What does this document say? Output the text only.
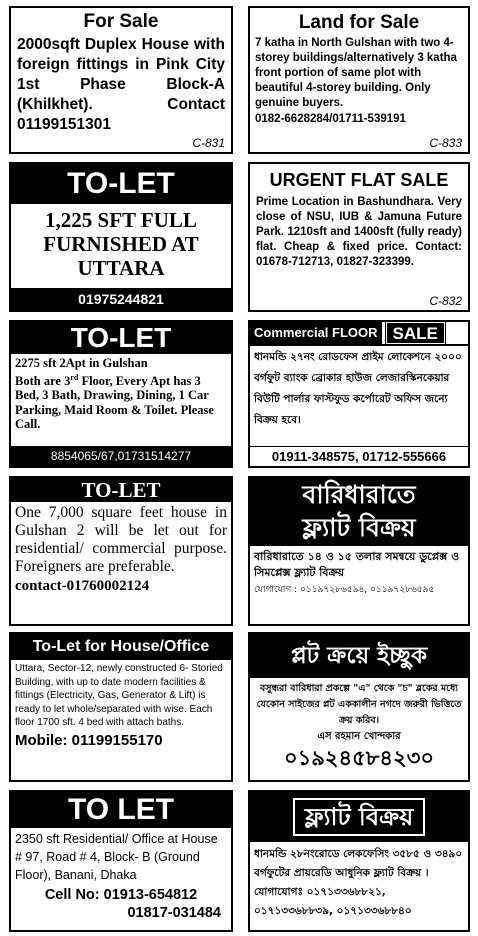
For Sale

2000sqft Duplex House with foreign fittings in Pink City 1st Phase Block-A (Khilkhet). Contact 01199151301

C-831
Land for Sale

7 katha in North Gulshan with two 4-storey buildings/alternatively 3 katha front portion of same plot with beautiful 4-storey building. Only genuine buyers.

0182-6628284/01711-539191
C-833
TO-LET

1,225 SFT FULL FURNISHED AT UTTARA

01975244821
URGENT FLAT SALE

Prime Location in Bashundhara. Very close of NSU, IUB & Jamuna Future Park. 1210sft and 1400sft (fully ready) flat. Cheap & fixed price. Contact: 01678-712713, 01827-323399.

C-832
TO-LET

2275 sft 2Apt in Gulshan
Both are 3rd Floor, Every Apt has 3 Bed, 3 Bath, Drawing, Dining, 1 Car Parking, Maid Room & Toilet. Please Call.

8854065/67,01731514277
Commercial FLOOR SALE

ধানমন্ডি ২৭নং রোডফেস প্রাইম লোকেশনে ২০০০ বর্গফুট ব্যাংক ব্রোকার হাউজ লেজারস্কিনকেয়ার বিউটি পার্লার ফাস্টফুড কর্পোরেট অফিস জন্যে বিক্রয় হবে।

01911-348575, 01712-555666
TO-LET

One 7,000 square feet house in Gulshan 2 will be let out for residential/ commercial purpose. Foreigners are preferable.

contact-01760002124
বারিধারাতে
ফ্ল্যাট বিক্রয়

বারিধারাতে ১৪ ও ১৫ তলার সমন্বয়ে ডুপ্লেক্স ও সিমপ্লেক্স ফ্ল্যাট বিক্রয়

যোগাযোগ : ০১১৯৭২৮৬৫৯৪, ০১১৯৭২৮৬৫৯৫
To-Let for House/Office

Uttara, Sector-12, newly constructed 6- Storied Building, with up to date modern facilities & fittings (Electricity, Gas, Generator & Lift) is ready to let whole/separated with wise. Each floor 1700 sft. 4 bed with attach baths.

Mobile: 01199155170
প্লট ক্রয়ে ইচ্ছুক

বসুন্ধরা বারিধারা প্রকল্পে "এ" থেকে "চ" ব্লকের মধ্যে যেকোন সাইজের প্লট এককালীন নগদে জরুরী ভিত্তিতে ক্রয় করিব।

এস রহমান খোন্দকার
০১৯২৪৫৮৪২৩০
TO LET

2350 sft Residential/ Office at House # 97, Road # 4, Block- B (Ground Floor), Banani, Dhaka

Cell No: 01913-654812
01817-031484
ফ্ল্যাট বিক্রয়

ধানমন্ডি ২৮নংরোডে লেকফেসিং ৩৫৮৫ ও ৩৪৯০ বর্গফুটের প্রায়রেডি আধুনিক ফ্ল্যাট বিক্রয় । যোগাযোগঃ ০১৭১৩৩৬৮৮২১, ০১৭১৩৩৬৮৮৩৯, ০১৭১৩৩৬৮৮৪০
